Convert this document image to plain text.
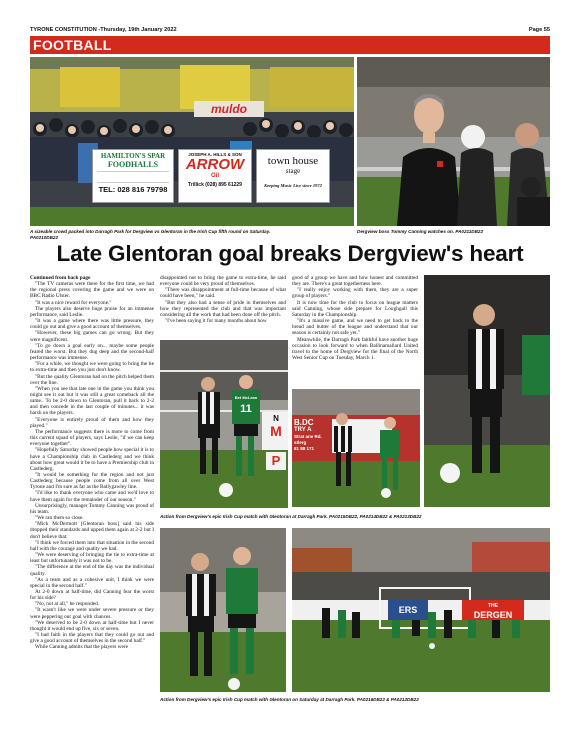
TYRONE CONSTITUTION -Thursday, 19th January 2022	Page 55
FOOTBALL
muldo
HAMILTON'S SPAR
FOODHALLS
TEL: 028 816 79798
JOSEPH A. HILLS & SON
ARROW
Oil
Trillick (028) 895 61229
town house
stage
Keeping Music Live since 1972
A sizeable crowd packed into Darragh Park for Dergview vs Glentoran in the Irish Cup fifth round on Saturday.
PA0210DB22
Dergview boss Tommy Canning watches on. PA0211DB22
Late Glentoran goal breaks Dergview's heart

Continued from back page

"The TV cameras were there for the first time, we had the regional press covering the game and we were on BBC Radio Ulster.

"It was a nice reward for everyone."

The players also deserve huge praise for an immense performance, said Leslie.

"It was a game where there was little pressure, they could go out and give a good account of themselves.

"However, these big games can go wrong. But they were magnificent.

"To go down a goal early on... maybe some people feared the worst. But they dug deep and the second-half performance was immense.

"For a while, we thought we were going to bring the tie to extra-time and then you just don't know.

"But the quality Glentoran had on the pitch helped them over the line.

"When you see that late one in the game you think you might see it out but it was still a great comeback all the same.. To be 2-0 down to Glentoran, pull it back to 2-2 and then concede in the last couple of minutes... it was harsh on the players.

"Everyone is entirely proud of them and how they played."

The performance suggests there is more to come from this current squad of players, says Leslie, "if we can keep everyone together".

"Hopefully Saturday showed people how special it is to have a Championship club in Castlederg and we think about how great would it be to have a Premiership club in Castlederg.

"It would be something for the region and not just Castlederg because people come from all over West Tyrone and I'm sure as far as the Ballygawley line.

"I'd like to thank everyone who came and we'd love to have them again for the remainder of our season."

Unsurprisingly, manager Tommy Canning was proud of his team.

"We ran them so close.

"Mick McDermott [Glentoran boss] said his side dropped their standards and upped them again at 2-2 but I don't believe that.

"I think we forced them into that situation in the second half with the courage and quality we had.

"We were deserving of bringing the tie to extra-time at least but unfortunately it was not to be.

"The difference at the end of the day was the individual quality.

"As a team and as a cohesive unit, I think we were special in the second half."

At 2-0 down at half-time, did Canning fear the worst for his side?

"No, not at all," he responded.

"It wasn't like we were under severe pressure or they were peppering our goal with chances.

"We deserved to be 2-0 down at half-time but I never thought it would end up five, six or seven.

"I had faith in the players that they could go out and give a good account of themselves in the second half."

While Canning admits that the players were

disappointed not to bring the game to extra-time, he said everyone could be very proud of themselves.

"There was disappointment at full-time because of what could have been," he said.

"But they also had a sense of pride in themselves and how they represented the club and that was important considering all the work that had been done off the pitch.

"I've been saying it for many months about how

good of a group we have and how honest and committed they are. There's a great togetherness here.

"I really enjoy working with them, they are a super group of players."

It is now time for the club to focus on league matters said Canning, whose side prepare for Loughgall this Saturday in the Championship.

"It's a massive game, and we need to get back to the bread and butter of the league and understand that our season is certainly not safe yet."

Meanwhile, the Darragh Park faithful have another huge occasion to look forward to when Ballinamallard United travel to the home of Dergview for the final of the North West Senior Cup on Tuesday, March 1.

Bet McLean
11
N
M
P
B.DC
TRY A
Strat ane Rd.
stlerg
81 88 171
Action from Dergview's epic Irish Cup match with Glentoran at Darragh Park. PA0215DB22, PA0214DB22 & PA0213DB22
ERS	THE
DERGEN
Action from Dergview's epic Irish Cup match with Glentoran on Saturday at Darragh Park. PA0216DB22 & PA0212DB22
